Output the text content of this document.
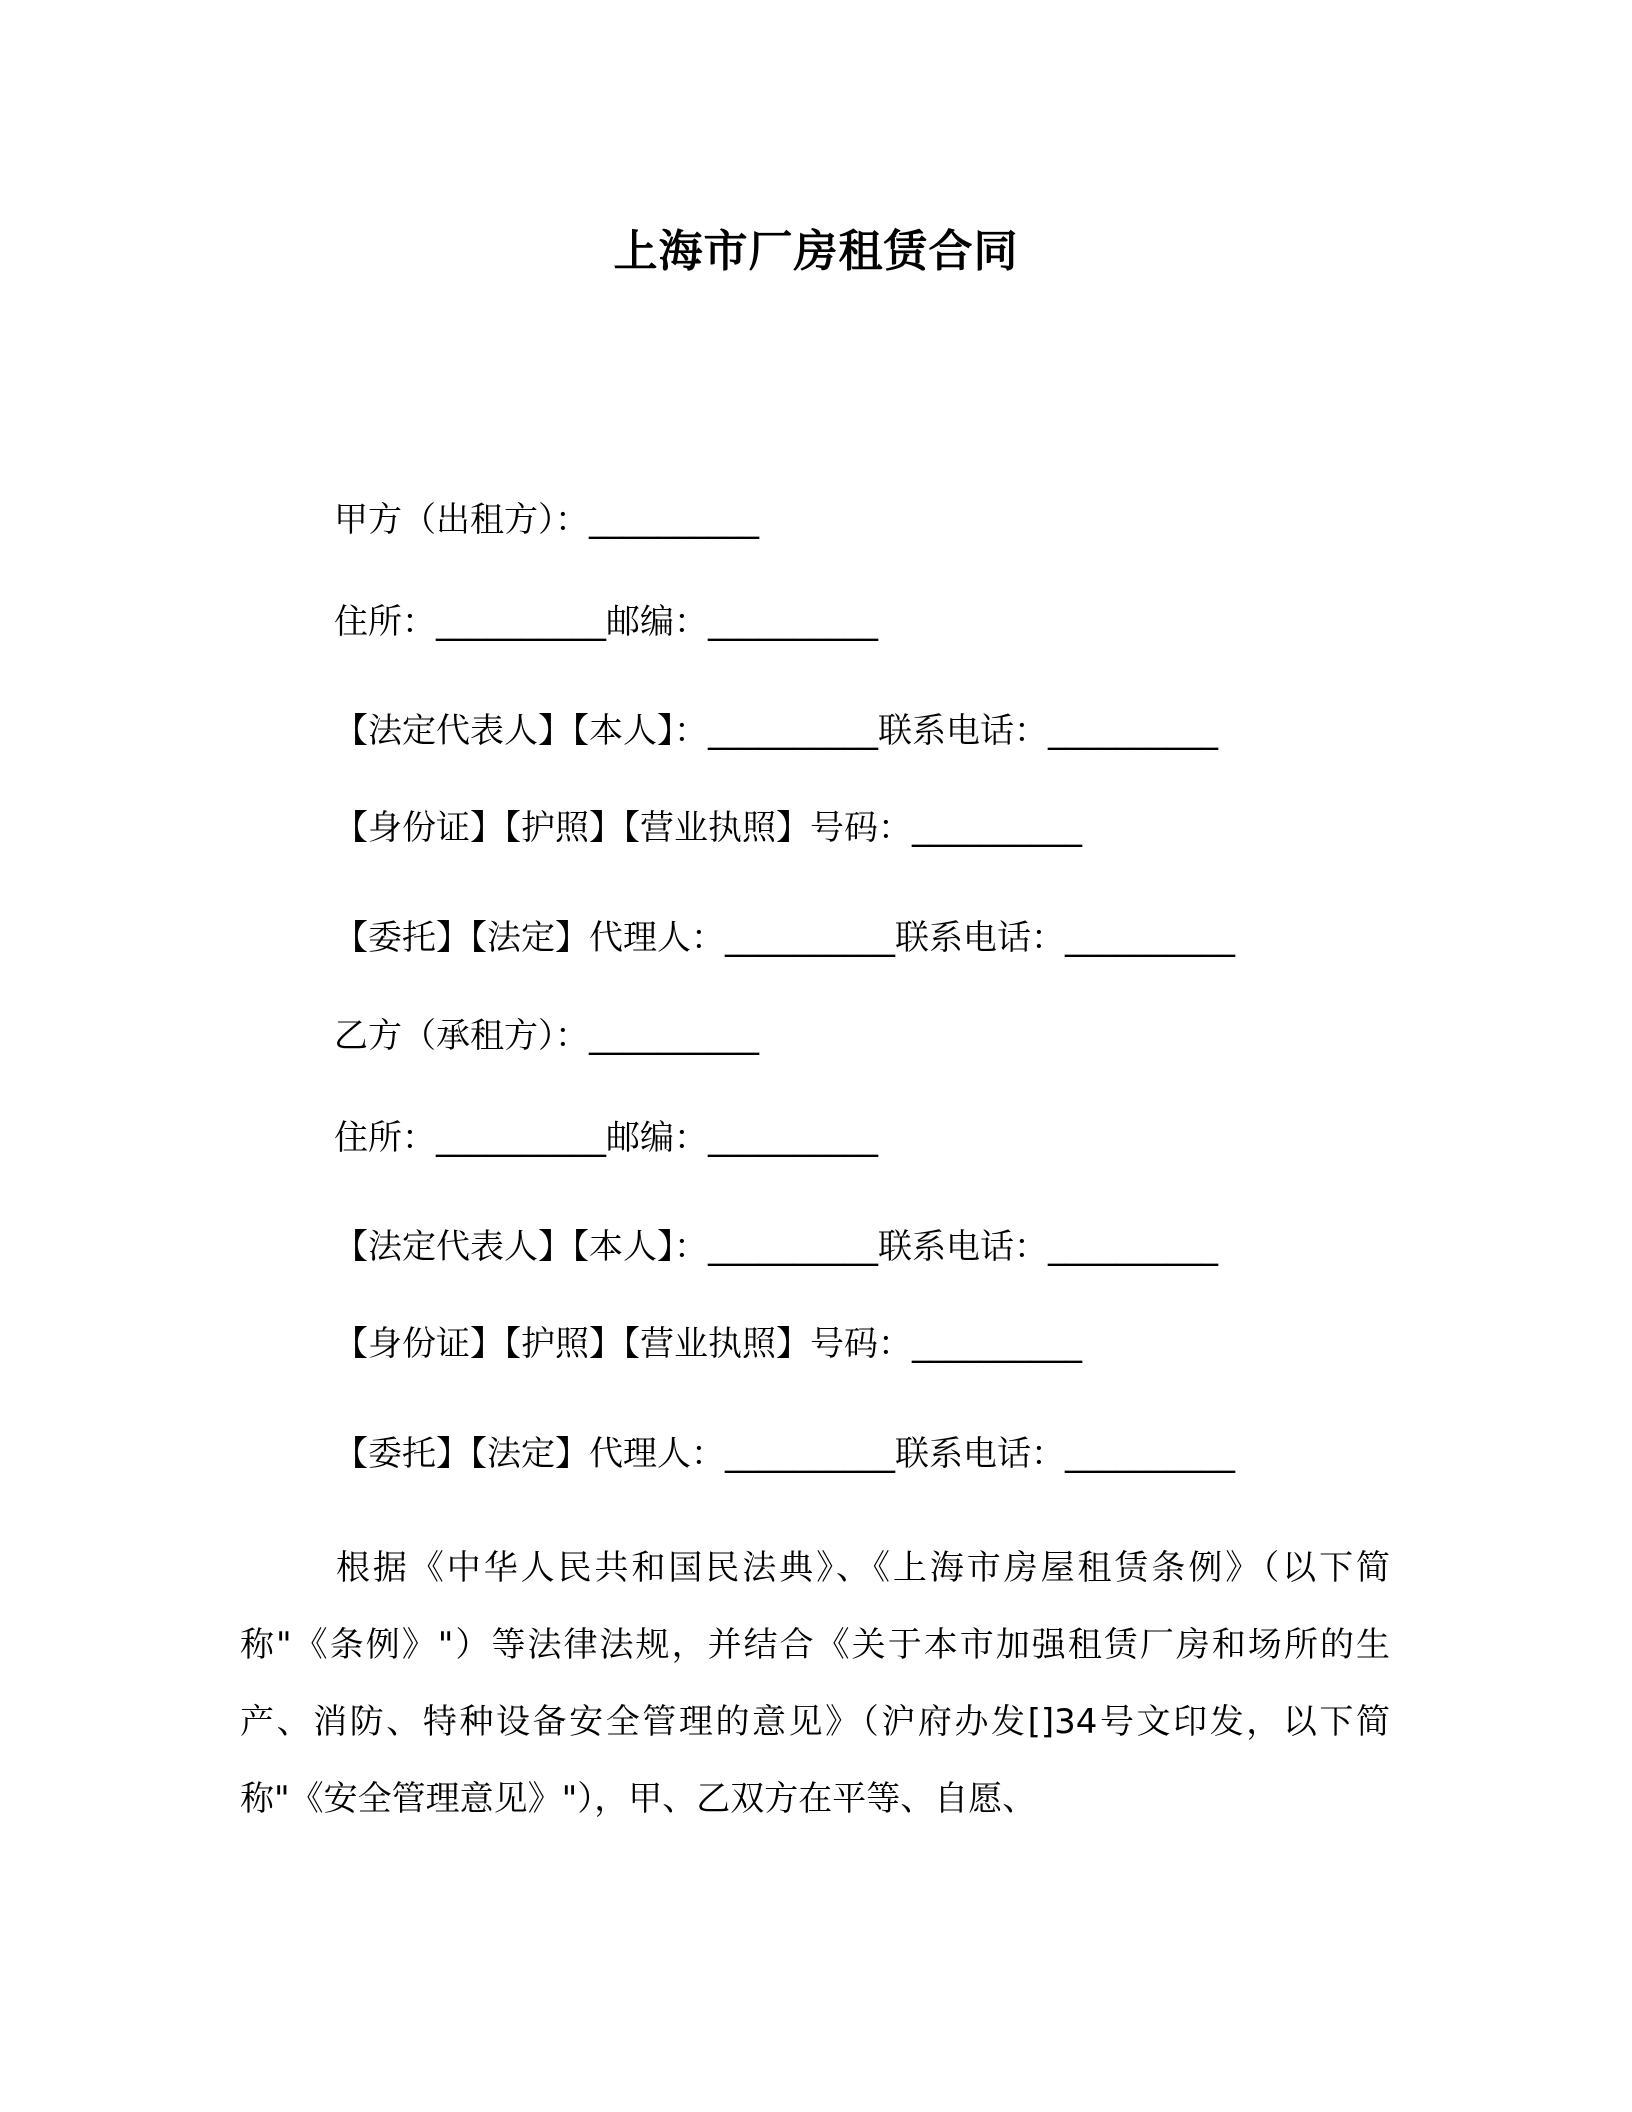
上海市厂房租赁合同
甲方（出租方）：__________
住所：__________邮编：__________
【法定代表人】【本人】：__________联系电话：__________
【身份证】【护照】【营业执照】号码：__________
【委托】【法定】代理人：__________联系电话：__________
乙方（承租方）：__________
住所：__________邮编：__________
【法定代表人】【本人】：__________联系电话：__________
【身份证】【护照】【营业执照】号码：__________
【委托】【法定】代理人：__________联系电话：__________
根据《中华人民共和国民法典》、《上海市房屋租赁条例》（以下简称"《条例》"）等法律法规，并结合《关于本市加强租赁厂房和场所的生产、消防、特种设备安全管理的意见》（沪府办发[]34号文印发，以下简称"《安全管理意见》"），甲、乙双方在平等、自愿、
